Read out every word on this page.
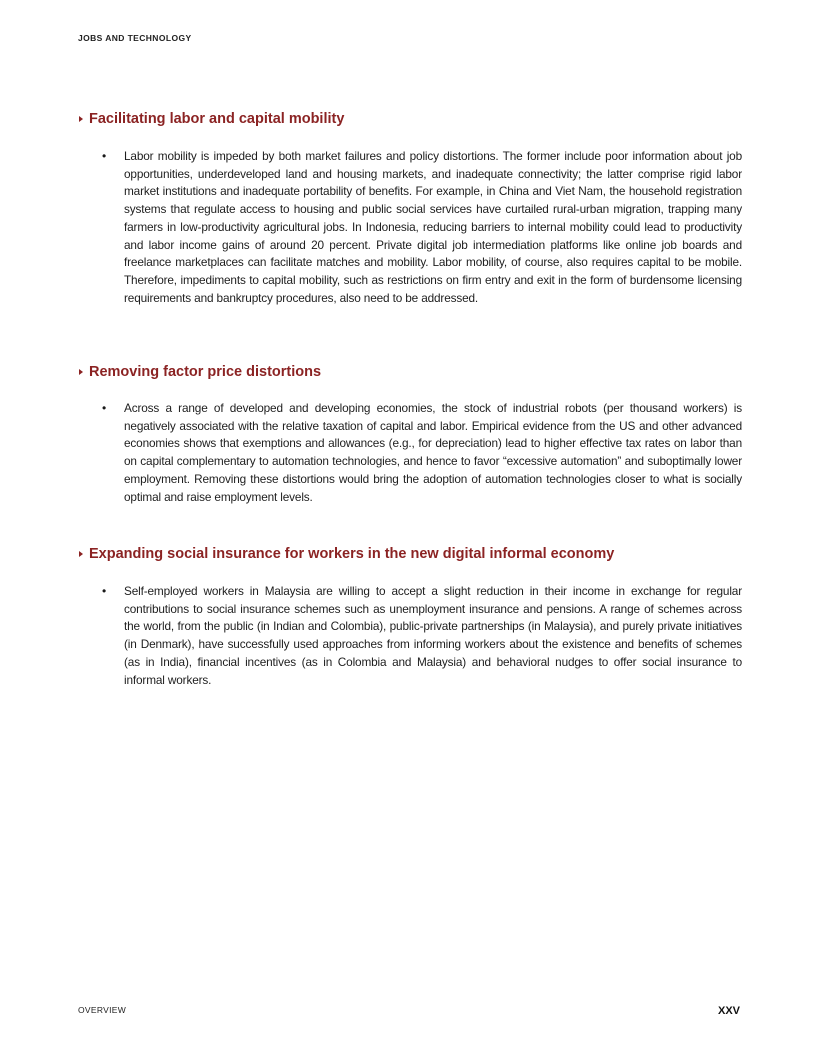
JOBS AND TECHNOLOGY
Facilitating labor and capital mobility
• Labor mobility is impeded by both market failures and policy distortions. The former include poor information about job opportunities, underdeveloped land and housing markets, and inadequate connectivity; the latter comprise rigid labor market institutions and inadequate portability of benefits. For example, in China and Viet Nam, the household registration systems that regulate access to housing and public social services have curtailed rural-urban migration, trapping many farmers in low-productivity agricultural jobs. In Indonesia, reducing barriers to internal mobility could lead to productivity and labor income gains of around 20 percent. Private digital job intermediation platforms like online job boards and freelance marketplaces can facilitate matches and mobility. Labor mobility, of course, also requires capital to be mobile. Therefore, impediments to capital mobility, such as restrictions on firm entry and exit in the form of burdensome licensing requirements and bankruptcy procedures, also need to be addressed.

Removing factor price distortions
• Across a range of developed and developing economies, the stock of industrial robots (per thousand workers) is negatively associated with the relative taxation of capital and labor. Empirical evidence from the US and other advanced economies shows that exemptions and allowances (e.g., for depreciation) lead to higher effective tax rates on labor than on capital complementary to automation technologies, and hence to favor “excessive automation” and suboptimally lower employment. Removing these distortions would bring the adoption of automation technologies closer to what is socially optimal and raise employment levels.

Expanding social insurance for workers in the new digital informal economy
• Self-employed workers in Malaysia are willing to accept a slight reduction in their income in exchange for regular contributions to social insurance schemes such as unemployment insurance and pensions. A range of schemes across the world, from the public (in Indian and Colombia), public-private partnerships (in Malaysia), and purely private initiatives (in Denmark), have successfully used approaches from informing workers about the existence and benefits of schemes (as in India), financial incentives (as in Colombia and Malaysia) and behavioral nudges to offer social insurance to informal workers.

OVERVIEW	XXV
